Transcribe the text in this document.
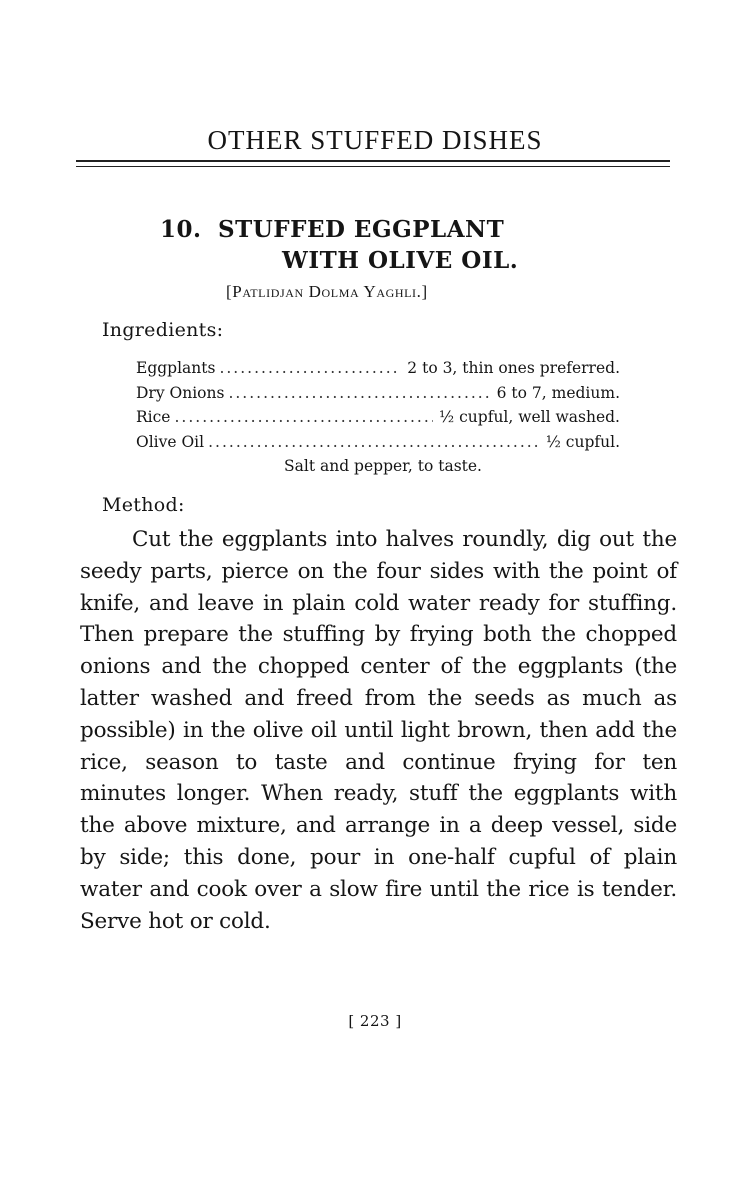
OTHER STUFFED DISHES
10. STUFFED EGGPLANT
WITH OLIVE OIL.
[Patlidjan Dolma Yaghli.]
Ingredients:
Eggplants .....	2 to 3, thin ones preferred.
Dry Onions .....	6 to 7, medium.
Rice .....	½ cupful, well washed.
Olive Oil .....	½ cupful.
Salt and pepper, to taste.
Method:

Cut the eggplants into halves roundly, dig out the seedy parts, pierce on the four sides with the point of knife, and leave in plain cold water ready for stuffing. Then prepare the stuffing by frying both the chopped onions and the chopped center of the eggplants (the latter washed and freed from the seeds as much as possible) in the olive oil until light brown, then add the rice, season to taste and continue frying for ten minutes longer. When ready, stuff the eggplants with the above mixture, and arrange in a deep vessel, side by side; this done, pour in one-half cupful of plain water and cook over a slow fire until the rice is tender. Serve hot or cold.

[ 223 ]
